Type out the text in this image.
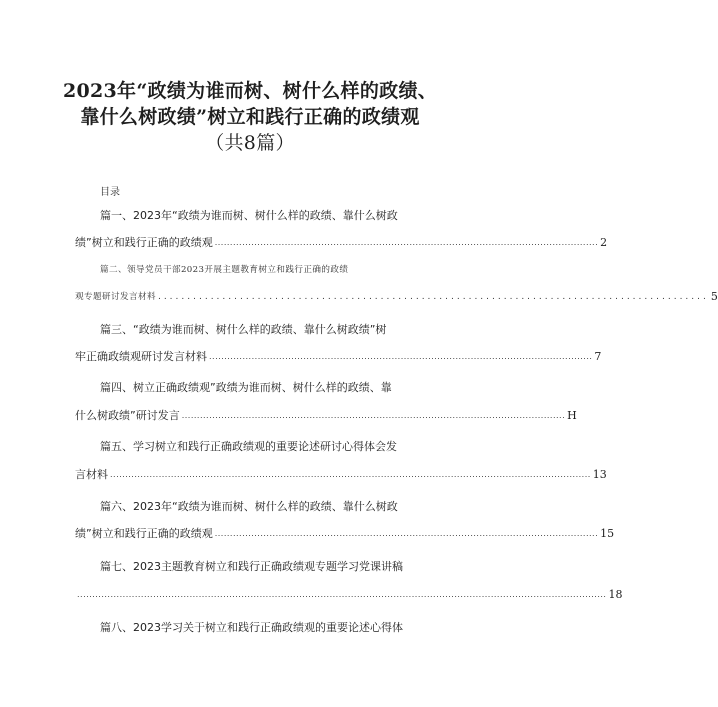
2023年“政绩为谁而树、树什么样的政绩、
靠什么树政绩”树立和践行正确的政绩观
（共8篇）
目录
篇一、2023年“政绩为谁而树、树什么样的政绩、靠什么树政
绩”树立和践行正确的政绩观 .............................................................................................................................. 2
篇二、领导党员干部2023开展主题教育树立和践行正确的政绩
观专题研讨发言材料 .............................................................................................. 5
篇三、“政绩为谁而树、树什么样的政绩、靠什么树政绩”树
牢正确政绩观研讨发言材料 .............................................................................................................................. 7
篇四、树立正确政绩观”政绩为谁而树、树什么样的政绩、靠
什么树政绩”研讨发言 .............................................................................................................................. H
篇五、学习树立和践行正确政绩观的重要论述研讨心得体会发
言材料 .............................................................................................................................................................. 13
篇六、2023年“政绩为谁而树、树什么样的政绩、靠什么树政
绩”树立和践行正确的政绩观 .............................................................................................................................. 15
篇七、2023主题教育树立和践行正确政绩观专题学习党课讲稿
.............................................................................................................................................................................. 18
篇八、2023学习关于树立和践行正确政绩观的重要论述心得体
